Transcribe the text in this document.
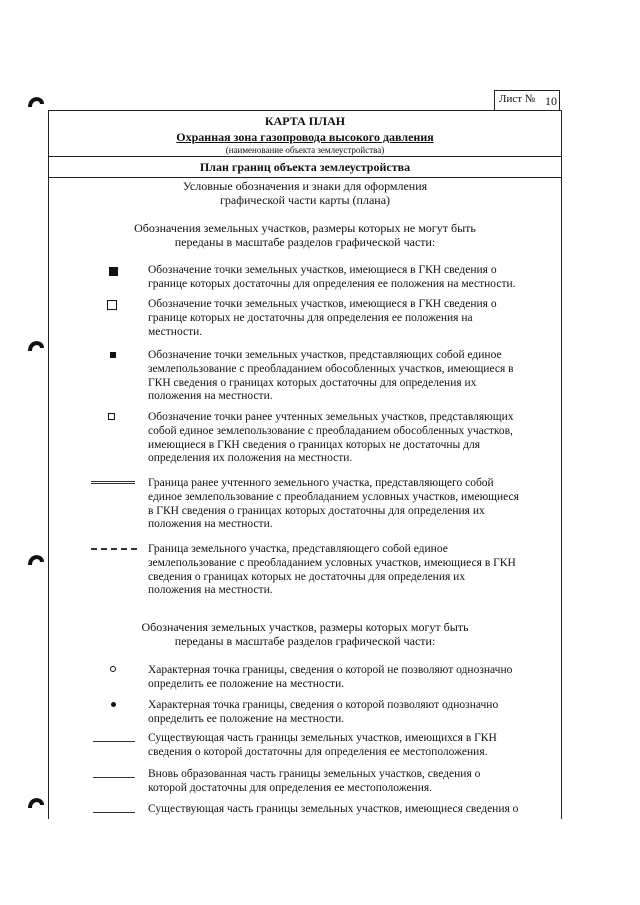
Лист № 10
КАРТА ПЛАН
Охранная зона газопровода высокого давления
(наименование объекта землеустройства)
План границ объекта землеустройства
Условные обозначения и знаки для оформления
графической части карты (плана)
Обозначения земельных участков, размеры которых не могут быть
переданы в масштабе разделов графической части:
Обозначение точки земельных участков, имеющиеся в ГКН сведения о
границе которых достаточны для определения ее положения на местности.
Обозначение точки земельных участков, имеющиеся в ГКН сведения о
границе которых не достаточны для определения ее положения на
местности.
Обозначение точки земельных участков, представляющих собой единое
землепользование с преобладанием обособленных участков, имеющиеся в
ГКН сведения о границах которых достаточны для определения их
положения на местности.
Обозначение точки ранее учтенных земельных участков, представляющих
собой единое землепользование с преобладанием обособленных участков,
имеющиеся в ГКН сведения о границах которых не достаточны для
определения их положения на местности.
Граница ранее учтенного земельного участка, представляющего собой
единое землепользование с преобладанием условных участков, имеющиеся
в ГКН сведения о границах которых достаточны для определения их
положения на местности.
Граница земельного участка, представляющего собой единое
землепользование с преобладанием условных участков, имеющиеся в ГКН
сведения о границах которых не достаточны для определения их
положения на местности.
Обозначения земельных участков, размеры которых могут быть
переданы в масштабе разделов графической части:
Характерная точка границы, сведения о которой не позволяют однозначно
определить ее положение на местности.
Характерная точка границы, сведения о которой позволяют однозначно
определить ее положение на местности.
Существующая часть границы земельных участков, имеющихся в ГКН
сведения о которой достаточны для определения ее местоположения.
Вновь образованная часть границы земельных участков, сведения о
которой достаточны для определения ее местоположения.
Существующая часть границы земельных участков, имеющиеся сведения о
